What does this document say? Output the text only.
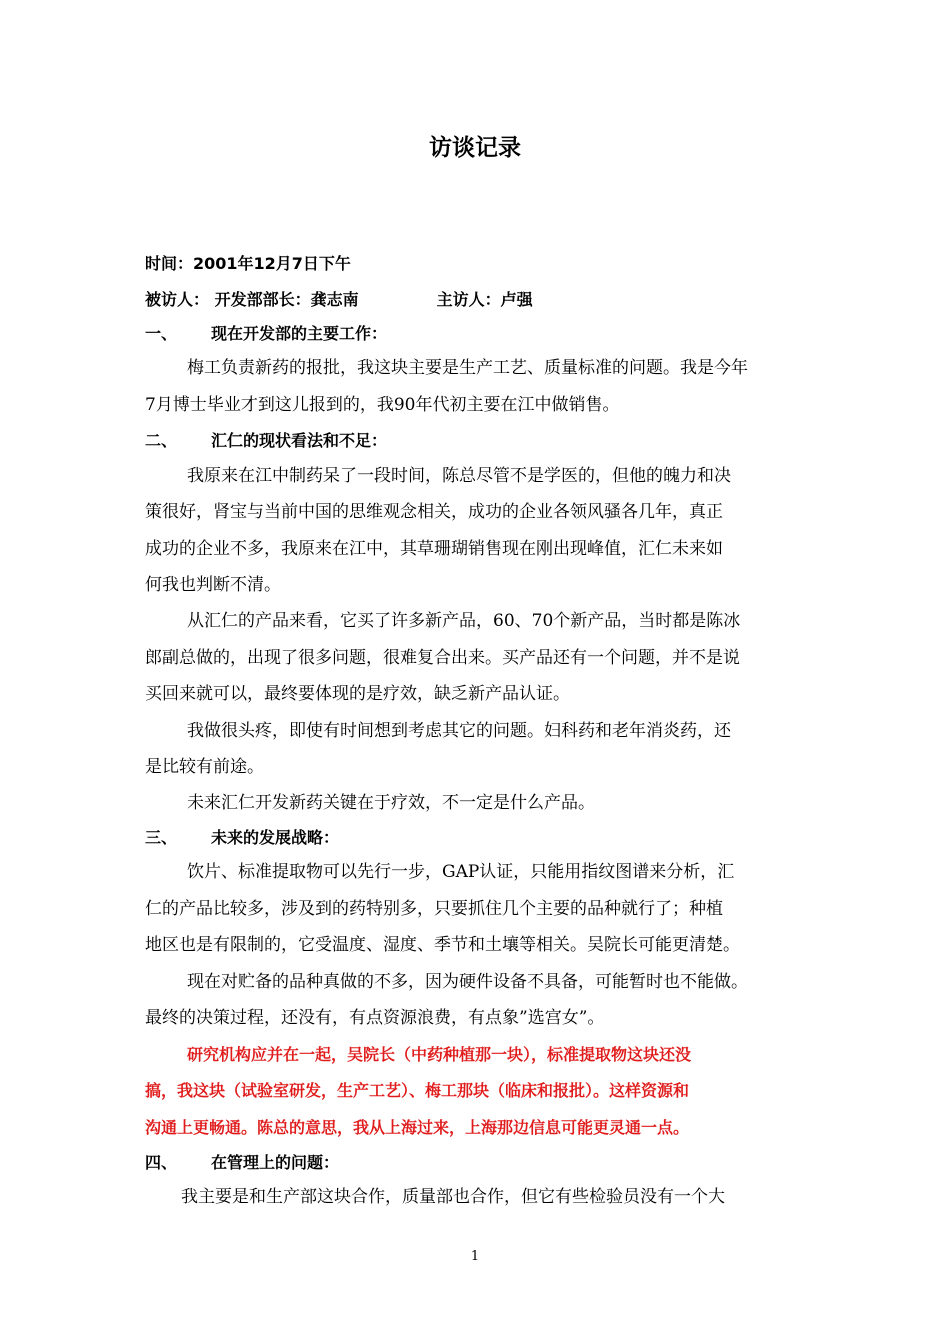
访谈记录
时间：2001年12月7日下午
被访人： 开发部部长：龚志南	主访人：卢强
一、 现在开发部的主要工作：
梅工负责新药的报批，我这块主要是生产工艺、质量标准的问题。我是今年
7月博士毕业才到这儿报到的，我90年代初主要在江中做销售。
二、 汇仁的现状看法和不足：
我原来在江中制药呆了一段时间，陈总尽管不是学医的，但他的魄力和决
策很好，肾宝与当前中国的思维观念相关，成功的企业各领风骚各几年，真正
成功的企业不多，我原来在江中，其草珊瑚销售现在刚出现峰值，汇仁未来如
何我也判断不清。
从汇仁的产品来看，它买了许多新产品，60、70个新产品，当时都是陈冰
郎副总做的，出现了很多问题，很难复合出来。买产品还有一个问题，并不是说
买回来就可以，最终要体现的是疗效，缺乏新产品认证。
我做很头疼，即使有时间想到考虑其它的问题。妇科药和老年消炎药，还
是比较有前途。
未来汇仁开发新药关键在于疗效，不一定是什么产品。
三、 未来的发展战略：
饮片、标准提取物可以先行一步，GAP认证，只能用指纹图谱来分析，汇
仁的产品比较多，涉及到的药特别多，只要抓住几个主要的品种就行了；种植
地区也是有限制的，它受温度、湿度、季节和土壤等相关。吴院长可能更清楚。
现在对贮备的品种真做的不多，因为硬件设备不具备，可能暂时也不能做。
最终的决策过程，还没有，有点资源浪费，有点象”选宫女”。
研究机构应并在一起，吴院长（中药种植那一块），标准提取物这块还没
搞，我这块（试验室研发，生产工艺）、梅工那块（临床和报批）。这样资源和
沟通上更畅通。陈总的意思，我从上海过来，上海那边信息可能更灵通一点。
四、 在管理上的问题：
我主要是和生产部这块合作，质量部也合作，但它有些检验员没有一个大
1
